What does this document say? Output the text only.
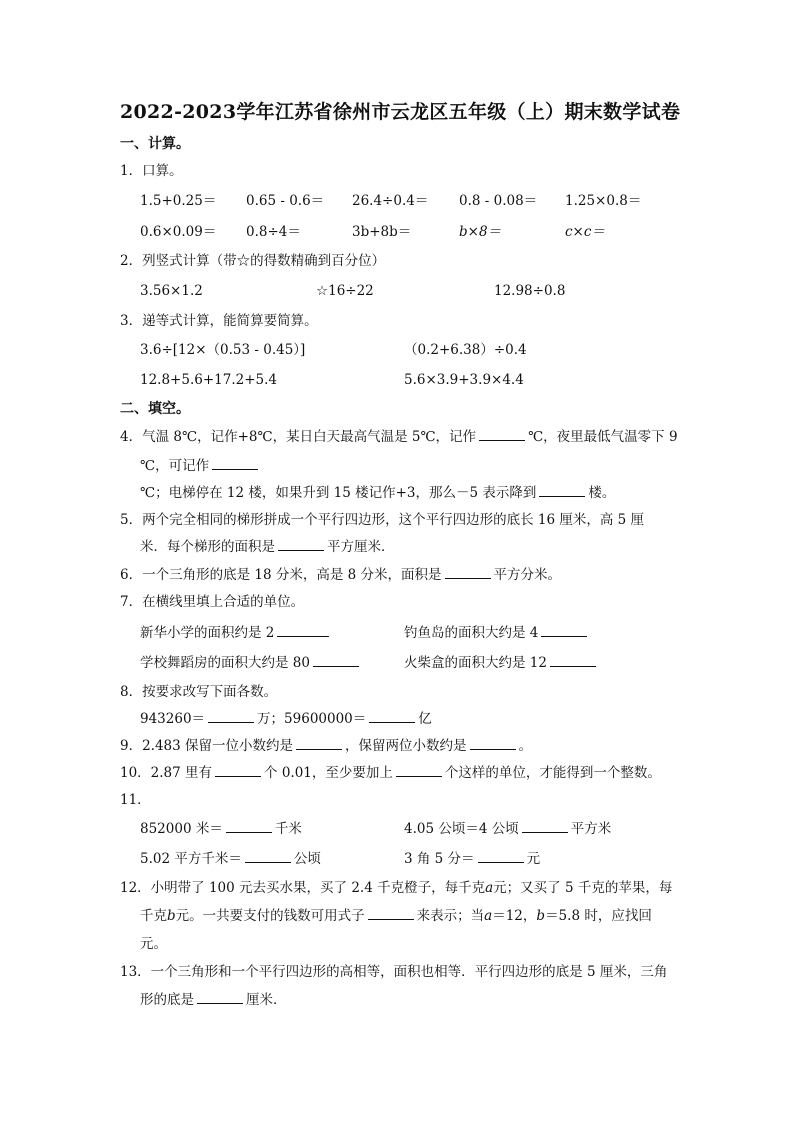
2022-2023学年江苏省徐州市云龙区五年级（上）期末数学试卷
一、计算。
1．口算。
1.5+0.25＝ 0.65 - 0.6＝ 26.4÷0.4＝ 0.8 - 0.08＝ 1.25×0.8＝
0.6×0.09＝ 0.8÷4＝	3b+8b＝	b×8＝	c×c＝
2．列竖式计算（带☆的得数精确到百分位）
3.56×1.2	☆16÷22	12.98÷0.8
3．递等式计算，能简算要简算。
3.6÷[12×（0.53 - 0.45）]	（0.2+6.38）÷0.4
12.8+5.6+17.2+5.4	5.6×3.9+3.9×4.4
二、填空。
4．气温 8℃，记作+8℃，某日白天最高气温是 5℃，记作	℃，夜里最低气温零下 9
℃，可记作
℃；电梯停在 12 楼，如果升到 15 楼记作+3，那么－5 表示降到	楼。
5．两个完全相同的梯形拼成一个平行四边形，这个平行四边形的底长 16 厘米，高 5 厘
米．每个梯形的面积是	平方厘米．
6．一个三角形的底是 18 分米，高是 8 分米，面积是	平方分米。
7．在横线里填上合适的单位。
新华小学的面积约是 2	钓鱼岛的面积大约是 4
学校舞蹈房的面积大约是 80	火柴盒的面积大约是 12
8．按要求改写下面各数。
943260＝	万；59600000＝	亿
9．2.483 保留一位小数约是	，保留两位小数约是	。
10．2.87 里有	个 0.01，至少要加上	个这样的单位，才能得到一个整数。
11．
852000 米＝	千米	4.05 公顷＝4 公顷	平方米
5.02 平方千米＝	公顷	3 角 5 分＝	元
12．小明带了 100 元去买水果，买了 2.4 千克橙子，每千克a元；又买了 5 千克的苹果，每
千克b元。一共要支付的钱数可用式子	来表示；当a＝12，b＝5.8 时，应找回
元。
13．一个三角形和一个平行四边形的高相等，面积也相等．平行四边形的底是 5 厘米，三角
形的底是	厘米．
